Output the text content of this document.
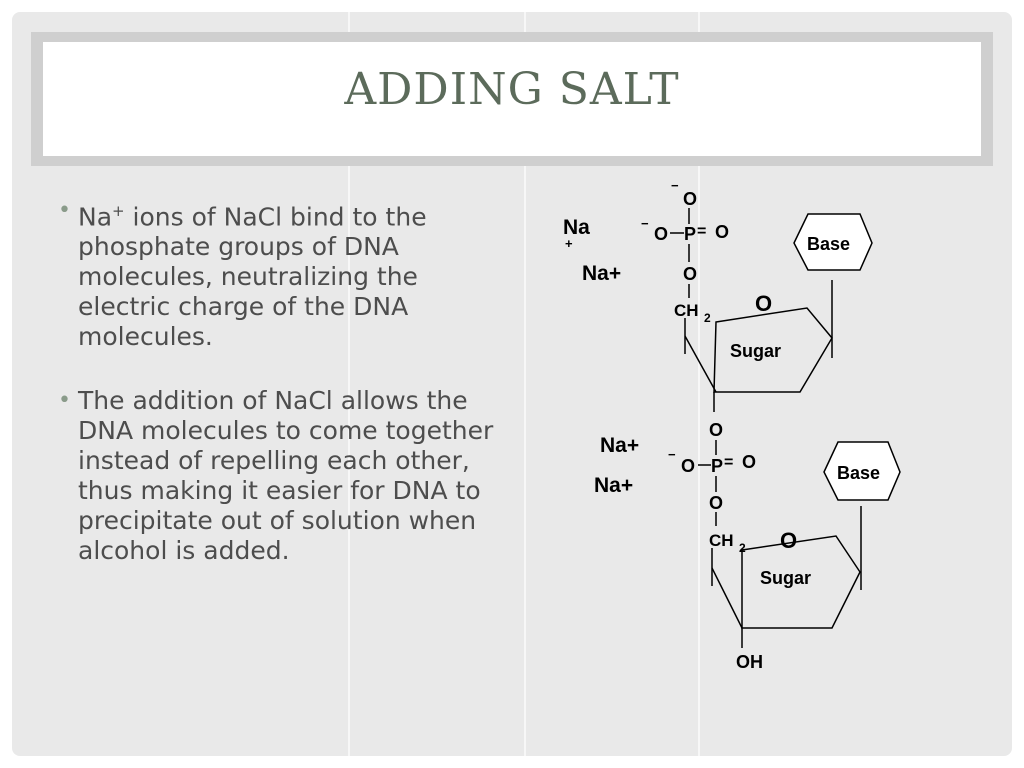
ADDING SALT
• Na+ ions of NaCl bind to the phosphate groups of DNA molecules, neutralizing the electric charge of the DNA molecules.
• The addition of NaCl allows the DNA molecules to come together instead of repelling each other, thus making it easier for DNA to precipitate out of solution when alcohol is added.
−
O
−
O P = O
O
CH 2
O
Na
+
Na+
Sugar
Base
O
−
O P = O
O
CH 2 O
Na+
Na+
Sugar
OH
Base
